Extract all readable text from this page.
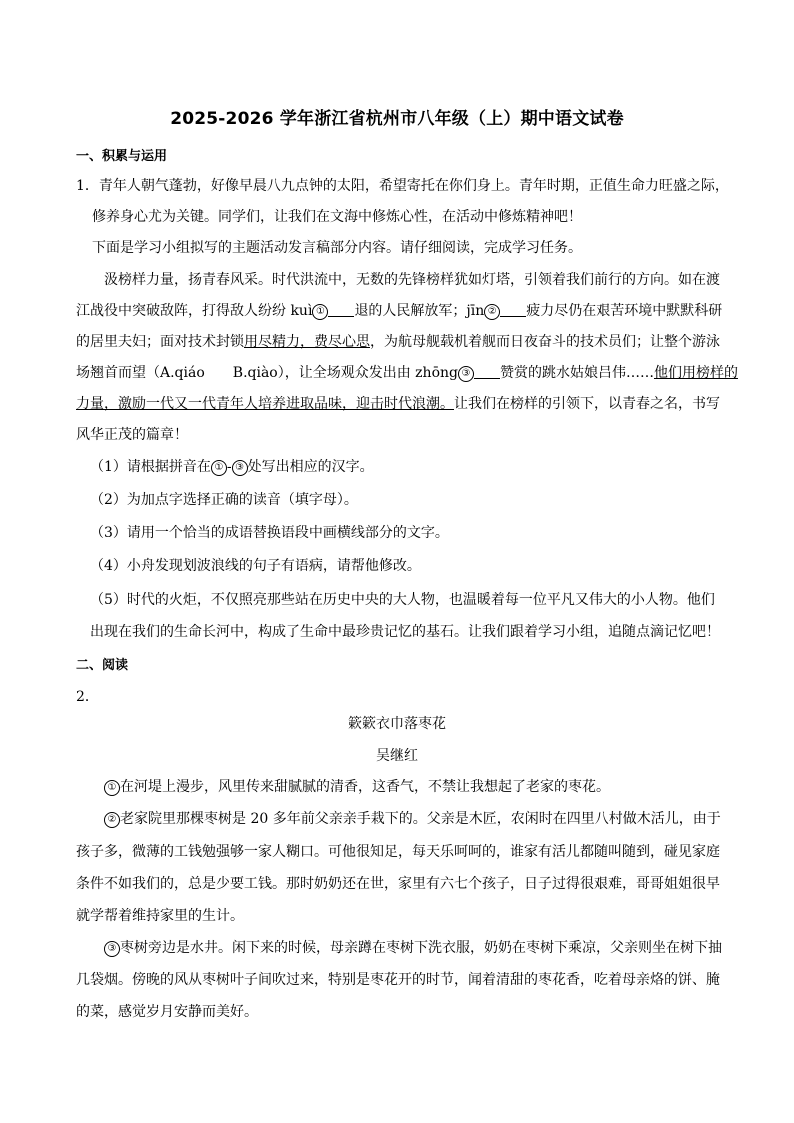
2025-2026 学年浙江省杭州市八年级（上）期中语文试卷
一、积累与运用
1．青年人朝气蓬勃，好像早晨八九点钟的太阳，希望寄托在你们身上。青年时期，正值生命力旺盛之际，
修养身心尤为关键。同学们，让我们在文海中修炼心性，在活动中修炼精神吧！
下面是学习小组拟写的主题活动发言稿部分内容。请仔细阅读，完成学习任务。
汲榜样力量，扬青春风采。时代洪流中，无数的先锋榜样犹如灯塔，引领着我们前行的方向。如在渡
江战役中突破敌阵，打得敌人纷纷 kuì ① 退的人民解放军；jīn ② 疲力尽仍在艰苦环境中默默科研
的居里夫妇；面对技术封锁用尽精力，费尽心思，为航母舰载机着舰而日夜奋斗的技术员们；让整个游泳
场翘首而望（A.qiáo　　B.qiào），让全场观众发出由 zhōng ③ 赞赏的跳水姑娘吕伟……他们用榜样的
力量，激励一代又一代青年人培养进取品味，迎击时代浪潮。让我们在榜样的引领下，以青春之名，书写
风华正茂的篇章！
（1）请根据拼音在 ① - ③ 处写出相应的汉字。
（2）为加点字选择正确的读音（填字母）。
（3）请用一个恰当的成语替换语段中画横线部分的文字。
（4）小舟发现划波浪线的句子有语病，请帮他修改。
（5）时代的火炬，不仅照亮那些站在历史中央的大人物，也温暖着每一位平凡又伟大的小人物。他们
出现在我们的生命长河中，构成了生命中最珍贵记忆的基石。让我们跟着学习小组，追随点滴记忆吧！
二、阅读
2．
簌簌衣巾落枣花
吴继红
① 在河堤上漫步，风里传来甜腻腻的清香，这香气，不禁让我想起了老家的枣花。
② 老家院里那棵枣树是 20 多年前父亲亲手栽下的。父亲是木匠，农闲时在四里八村做木活儿，由于
孩子多，微薄的工钱勉强够一家人糊口。可他很知足，每天乐呵呵的，谁家有活儿都随叫随到，碰见家庭
条件不如我们的，总是少要工钱。那时奶奶还在世，家里有六七个孩子，日子过得很艰难，哥哥姐姐很早
就学帮着维持家里的生计。
③ 枣树旁边是水井。闲下来的时候，母亲蹲在枣树下洗衣服，奶奶在枣树下乘凉，父亲则坐在树下抽
几袋烟。傍晚的风从枣树叶子间吹过来，特别是枣花开的时节，闻着清甜的枣花香，吃着母亲烙的饼、腌
的菜，感觉岁月安静而美好。
